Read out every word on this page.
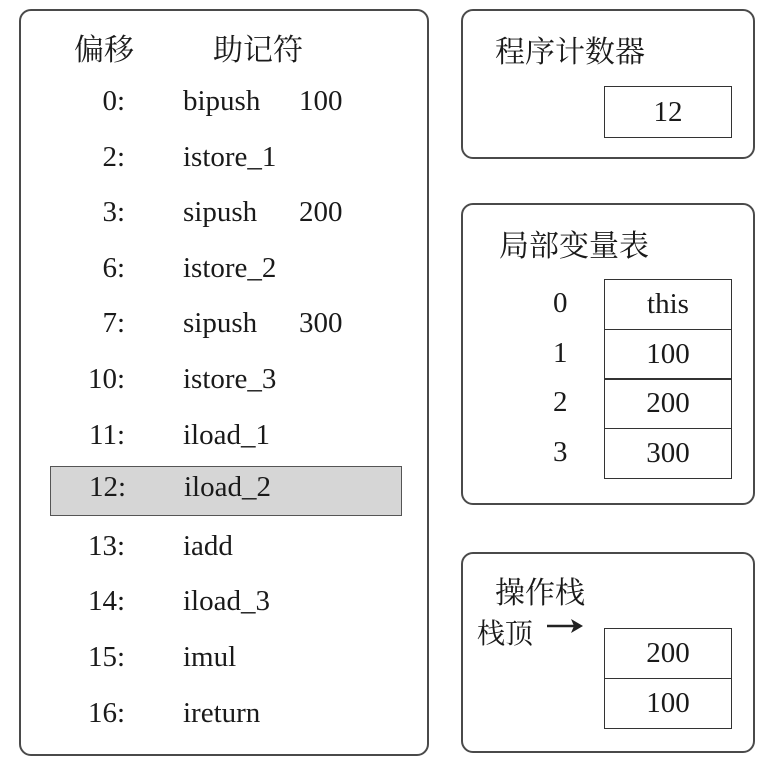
偏移	助记符
0: bipush 100
2: istore_1
3: sipush 200
6: istore_2
7: sipush 300
10: istore_3
11: iload_1
12: iload_2
13: iadd
14: iload_3
15: imul
16: ireturn
程序计数器
12
局部变量表
0
1
2
3
this
100
200
300
操作栈
栈顶
200
100
